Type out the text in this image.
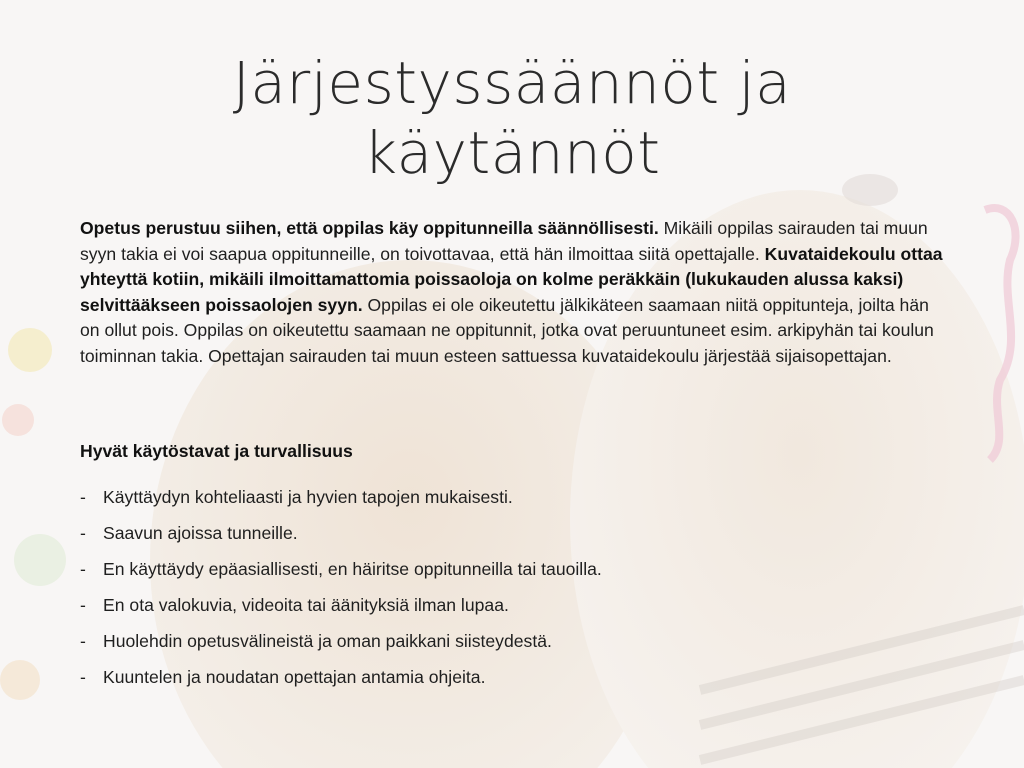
Järjestyssäännöt ja
käytännöt

Opetus perustuu siihen, että oppilas käy oppitunneilla säännöllisesti. Mikäili oppilas sairauden tai muun syyn takia ei voi saapua oppitunneille, on toivottavaa, että hän ilmoittaa siitä opettajalle. Kuvataidekoulu ottaa yhteyttä kotiin, mikäili ilmoittamattomia poissaoloja on kolme peräkkäin (lukukauden alussa kaksi) selvittääkseen poissaolojen syyn. Oppilas ei ole oikeutettu jälkikäteen saamaan niitä oppitunteja, joilta hän on ollut pois. Oppilas on oikeutettu saamaan ne oppitunnit, jotka ovat peruuntuneet esim. arkipyhän tai koulun toiminnan takia. Opettajan sairauden tai muun esteen sattuessa kuvataidekoulu järjestää sijaisopettajan.

Hyvät käytöstavat ja turvallisuus
- Käyttäydyn kohteliaasti ja hyvien tapojen mukaisesti.
- Saavun ajoissa tunneille.
- En käyttäydy epäasiallisesti, en häiritse oppitunneilla tai tauoilla.
- En ota valokuvia, videoita tai äänityksiä ilman lupaa.
- Huolehdin opetusvälineistä ja oman paikkani siisteydestä.
- Kuuntelen ja noudatan opettajan antamia ohjeita.
